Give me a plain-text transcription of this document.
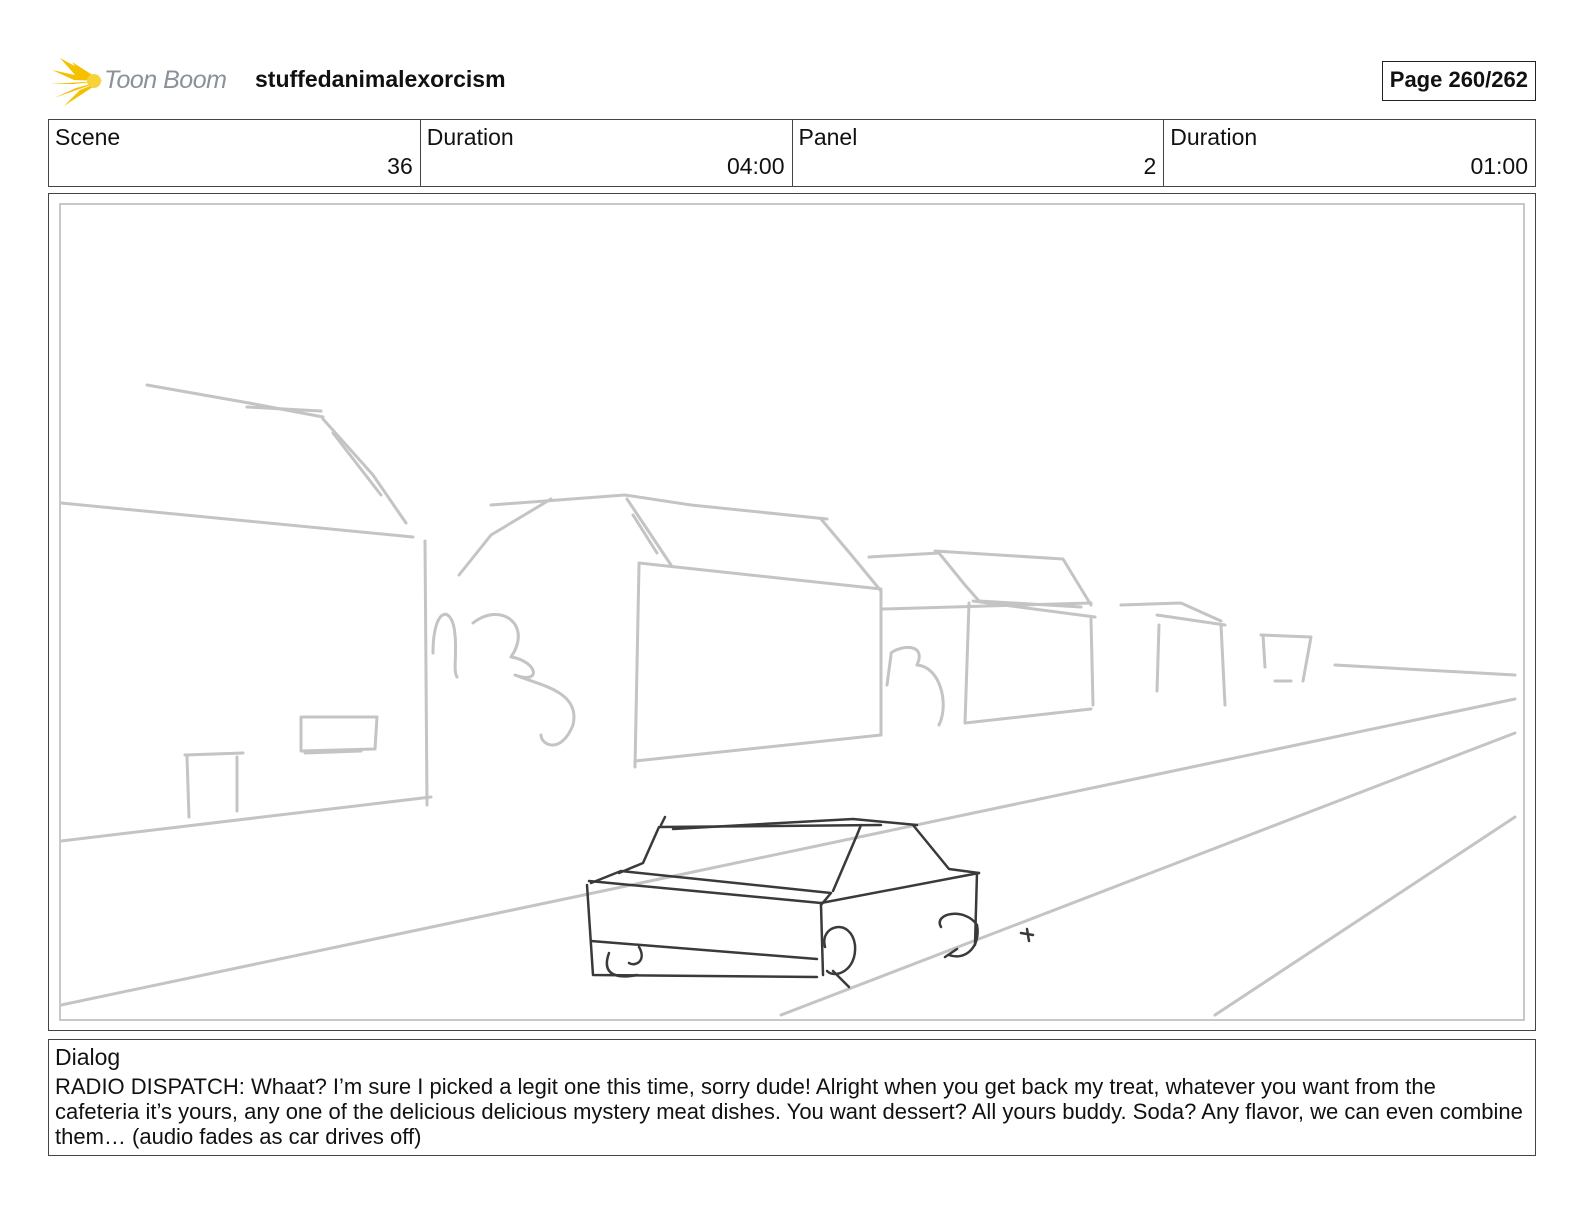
Toon Boom stuffedanimalexorcism	Page 260/262
Scene
36
Duration
04:00
Panel
2
Duration
01:00
Dialog
RADIO DISPATCH: Whaat? I’m sure I picked a legit one this time, sorry dude! Alright when you get back my treat, whatever you want from the cafeteria it’s yours, any one of the delicious delicious mystery meat dishes. You want dessert? All yours buddy. Soda? Any flavor, we can even combine them… (audio fades as car drives off)
